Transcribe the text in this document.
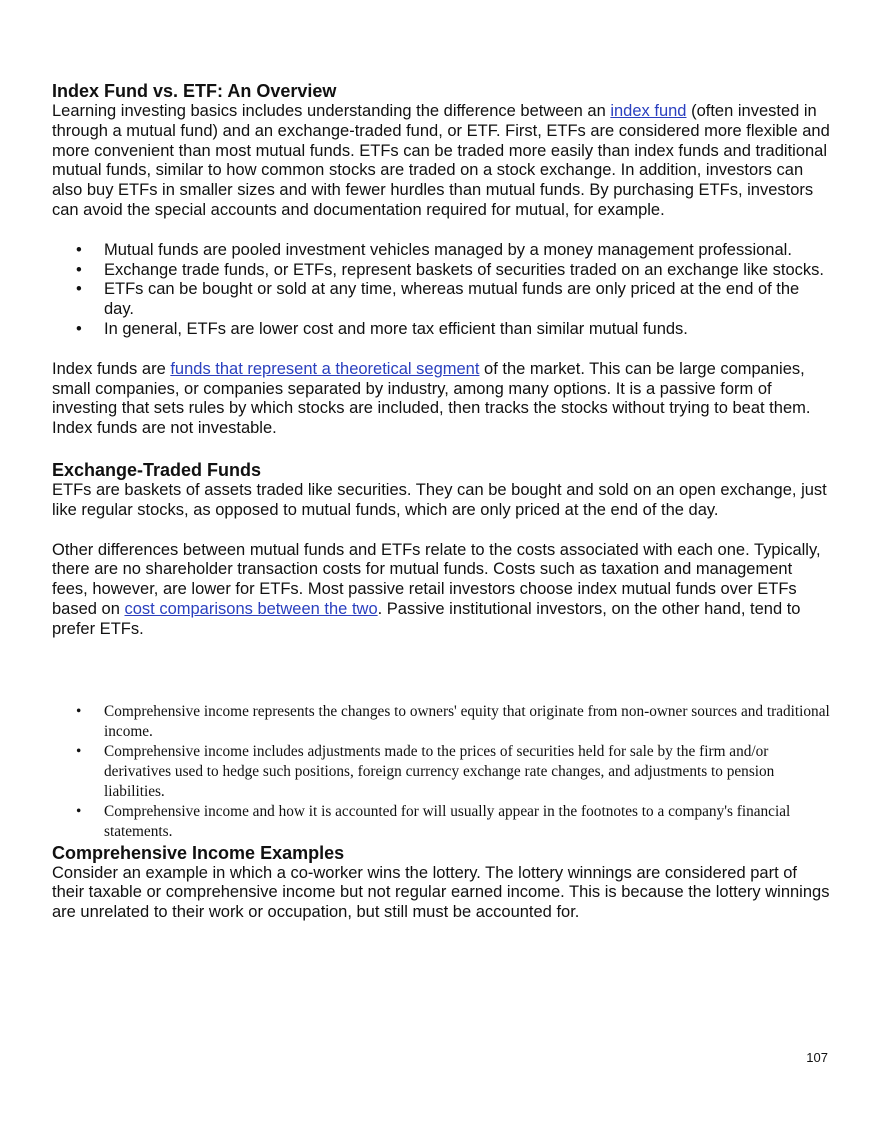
Index Fund vs. ETF: An Overview

Learning investing basics includes understanding the difference between an index fund (often invested in through a mutual fund) and an exchange-traded fund, or ETF. First, ETFs are considered more flexible and more convenient than most mutual funds. ETFs can be traded more easily than index funds and traditional mutual funds, similar to how common stocks are traded on a stock exchange. In addition, investors can also buy ETFs in smaller sizes and with fewer hurdles than mutual funds. By purchasing ETFs, investors can avoid the special accounts and documentation required for mutual, for example.

• Mutual funds are pooled investment vehicles managed by a money management professional.
• Exchange trade funds, or ETFs, represent baskets of securities traded on an exchange like stocks.
• ETFs can be bought or sold at any time, whereas mutual funds are only priced at the end of the day.
• In general, ETFs are lower cost and more tax efficient than similar mutual funds.

Index funds are funds that represent a theoretical segment of the market. This can be large companies, small companies, or companies separated by industry, among many options. It is a passive form of investing that sets rules by which stocks are included, then tracks the stocks without trying to beat them. Index funds are not investable.

Exchange-Traded Funds

ETFs are baskets of assets traded like securities. They can be bought and sold on an open exchange, just like regular stocks, as opposed to mutual funds, which are only priced at the end of the day.

Other differences between mutual funds and ETFs relate to the costs associated with each one. Typically, there are no shareholder transaction costs for mutual funds. Costs such as taxation and management fees, however, are lower for ETFs. Most passive retail investors choose index mutual funds over ETFs based on cost comparisons between the two. Passive institutional investors, on the other hand, tend to prefer ETFs.

• Comprehensive income represents the changes to owners' equity that originate from non-owner sources and traditional income.
• Comprehensive income includes adjustments made to the prices of securities held for sale by the firm and/or derivatives used to hedge such positions, foreign currency exchange rate changes, and adjustments to pension liabilities.
• Comprehensive income and how it is accounted for will usually appear in the footnotes to a company's financial statements.
Comprehensive Income Examples

Consider an example in which a co-worker wins the lottery. The lottery winnings are considered part of their taxable or comprehensive income but not regular earned income. This is because the lottery winnings are unrelated to their work or occupation, but still must be accounted for.

107
